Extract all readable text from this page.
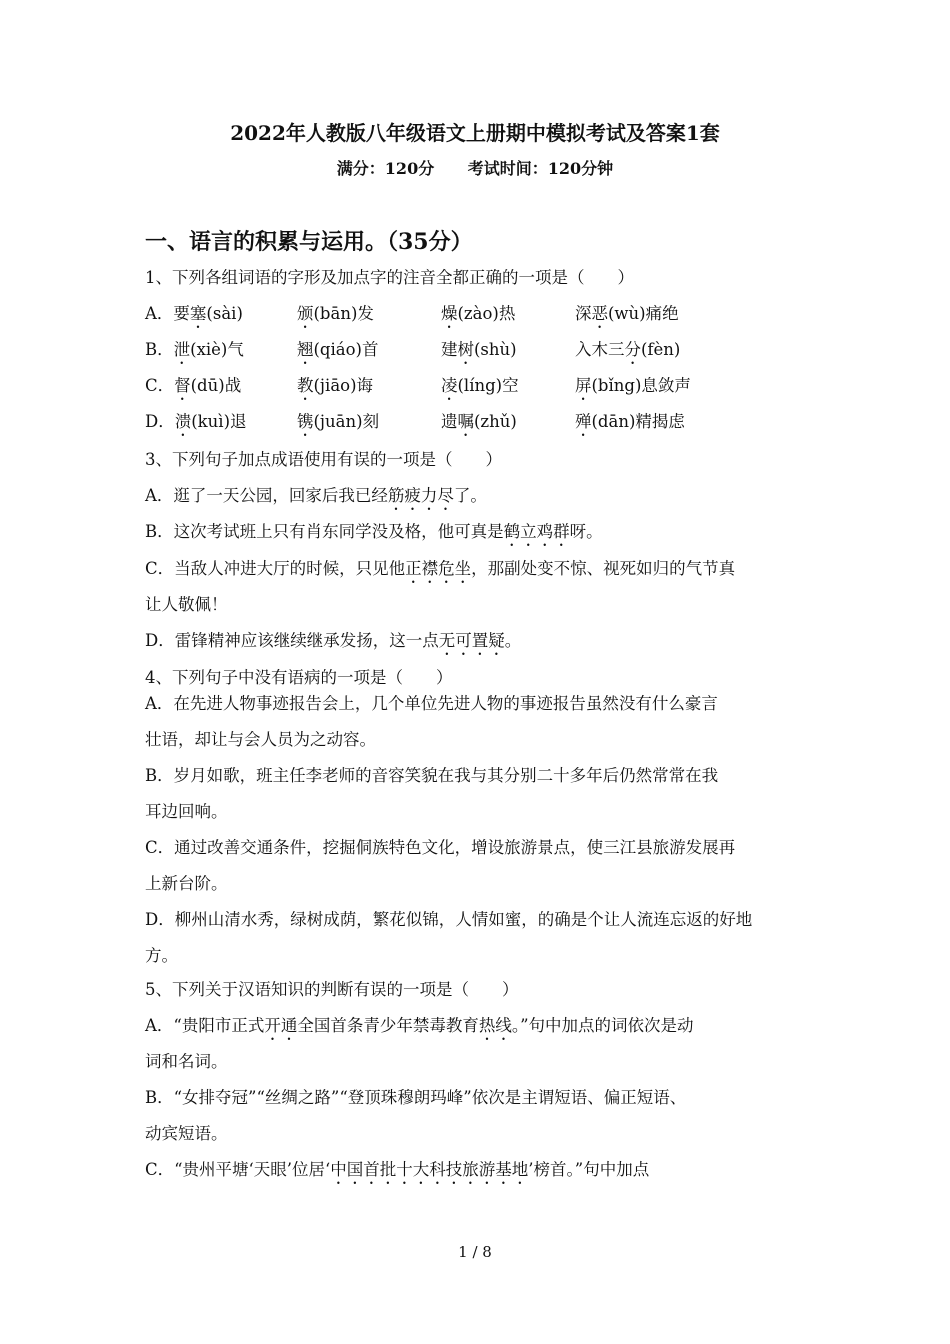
2022年人教版八年级语文上册期中模拟考试及答案1套
满分：120分 考试时间：120分钟
一、语言的积累与运用。（35分）
1、下列各组词语的字形及加点字的注音全都正确的一项是（　　）
A．要塞(sài)	颁(bān)发	燥(zào)热	深恶(wù)痛绝
B．泄(xiè)气	翘(qiáo)首	建树(shù)	入木三分(fèn)
C．督(dū)战	教(jiāo)诲	凌(líng)空	屏(bǐng)息敛声
D．溃(kuì)退	镌(juān)刻	遗嘱(zhǔ)	殚(dān)精揭虑
3、下列句子加点成语使用有误的一项是（　　）
A．逛了一天公园，回家后我已经筋疲力尽了。
B．这次考试班上只有肖东同学没及格，他可真是鹤立鸡群呀。
C．当敌人冲进大厅的时候，只见他正襟危坐，那副处变不惊、视死如归的气节真
让人敬佩！
D．雷锋精神应该继续继承发扬，这一点无可置疑。
4、下列句子中没有语病的一项是（　　）
A．在先进人物事迹报告会上，几个单位先进人物的事迹报告虽然没有什么豪言
壮语，却让与会人员为之动容。
B．岁月如歌，班主任李老师的音容笑貌在我与其分别二十多年后仍然常常在我
耳边回响。
C．通过改善交通条件，挖掘侗族特色文化，增设旅游景点，使三江县旅游发展再
上新台阶。
D．柳州山清水秀，绿树成荫，繁花似锦，人情如蜜，的确是个让人流连忘返的好地
方。
5、下列关于汉语知识的判断有误的一项是（　　）
A．“贵阳市正式开通全国首条青少年禁毒教育热线。”句中加点的词依次是动
词和名词。
B．“女排夺冠”“丝绸之路”“登顶珠穆朗玛峰”依次是主谓短语、偏正短语、
动宾短语。
C．“贵州平塘‘天眼’位居‘中国首批十大科技旅游基地’榜首。”句中加点
1 / 8
